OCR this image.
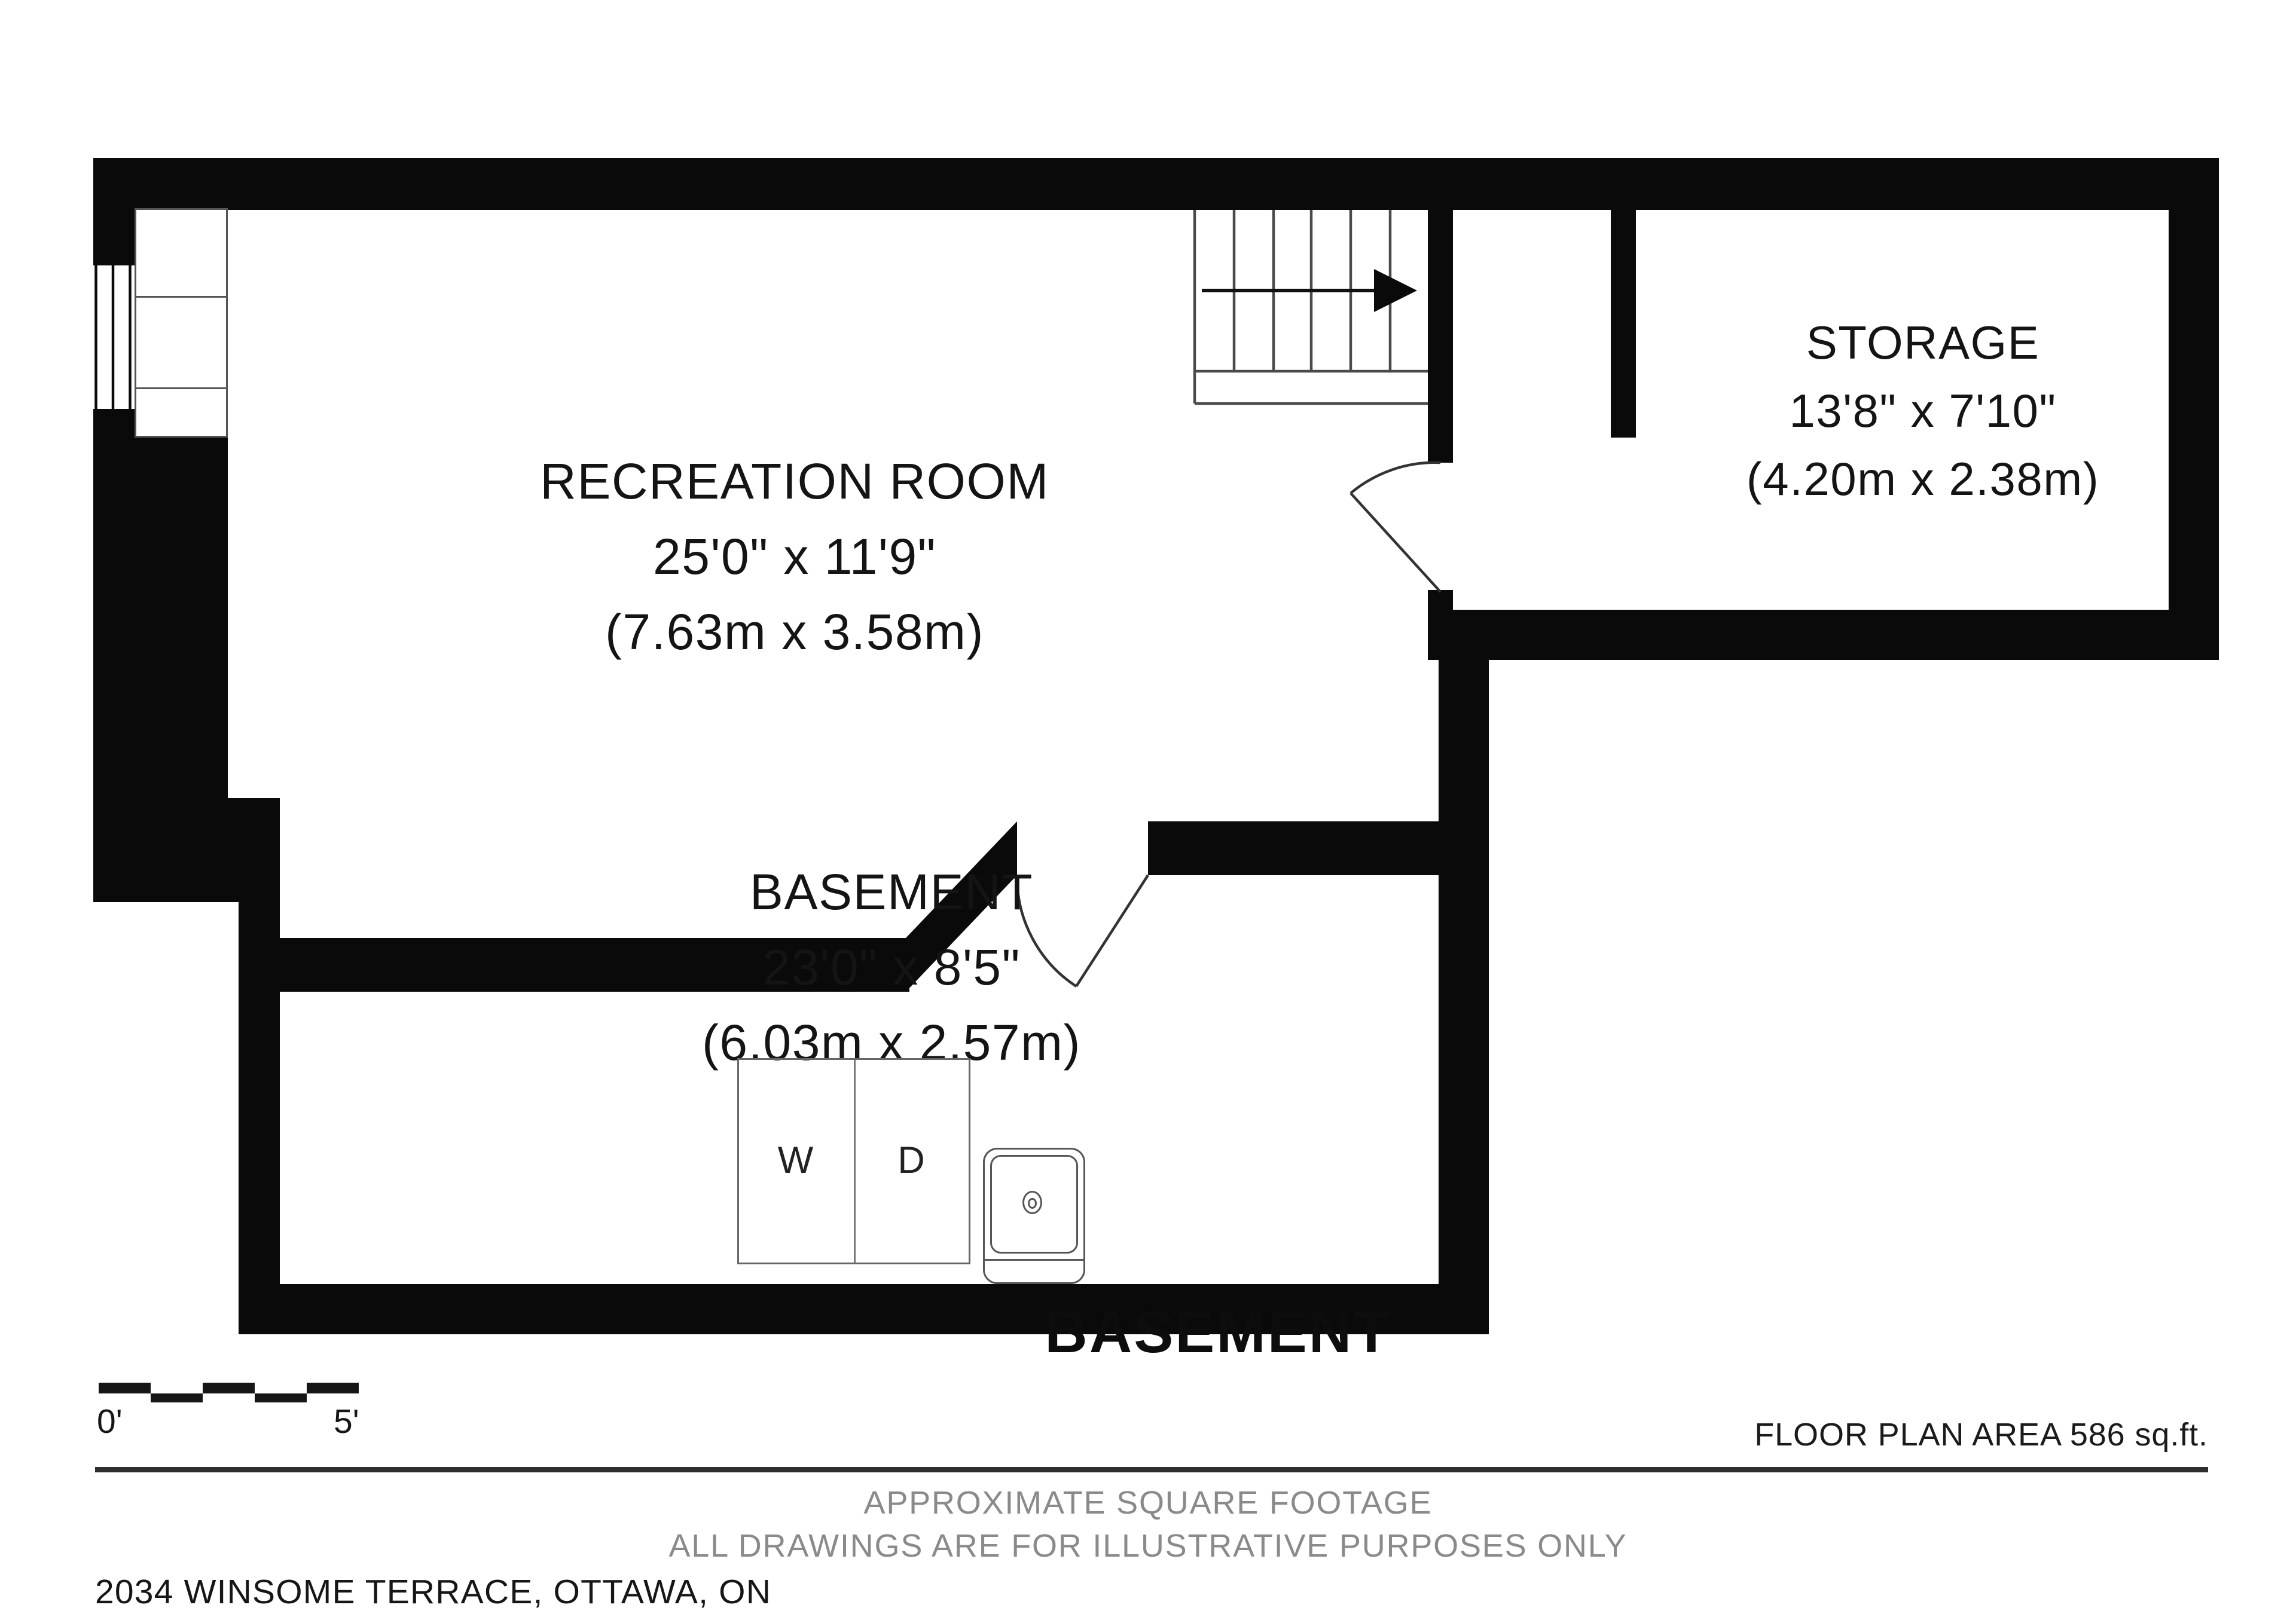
RECREATION ROOM
25'0" x 11'9"
(7.63m x 3.58m)
STORAGE
13'8" x 7'10"
(4.20m x 2.38m)
BASEMENT
23'0" x 8'5"
(6.03m x 2.57m)
W	D
BASEMENT
0'	5'	FLOOR PLAN AREA 586 sq.ft.
APPROXIMATE SQUARE FOOTAGE
ALL DRAWINGS ARE FOR ILLUSTRATIVE PURPOSES ONLY
2034 WINSOME TERRACE, OTTAWA, ON
